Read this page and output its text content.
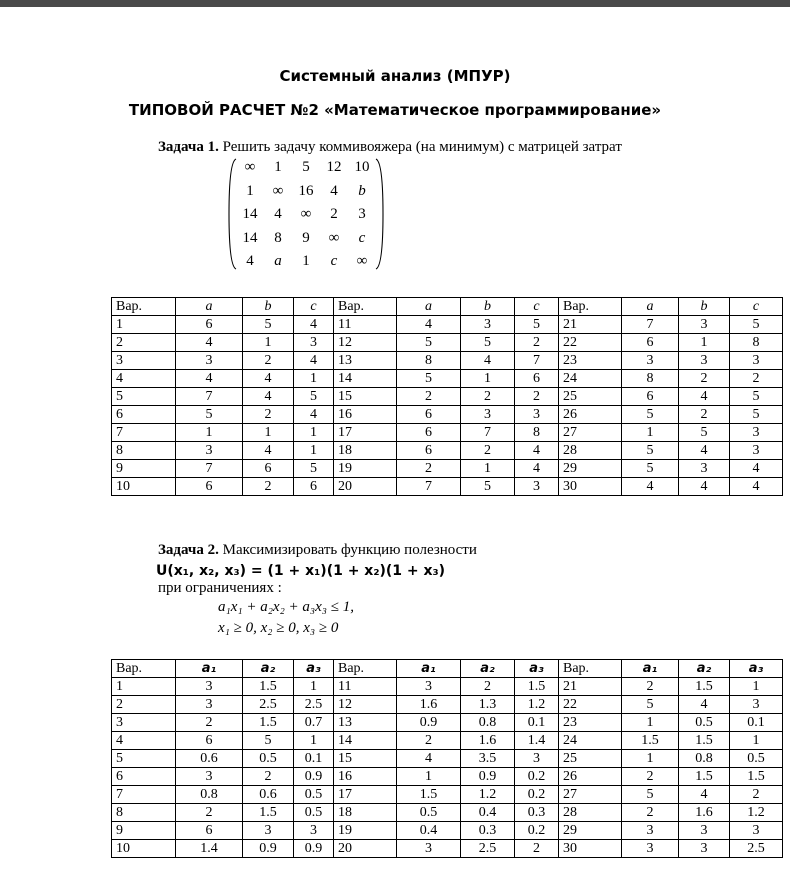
Системный анализ (МПУР)
ТИПОВОЙ РАСЧЕТ №2 «Математическое программирование»
Задача 1. Решить задачу коммивояжера (на минимум) с матрицей затрат
∞	1	5	12	10
1	∞	16	4	b
14	4	∞	2	3
14	8	9	∞	c
4	a	1	c	∞
Вар.	a	b	c	Вар.	a	b	c	Вар.	a	b	c
1	6	5	4	11	4	3	5	21	7	3	5
2	4	1	3	12	5	5	2	22	6	1	8
3	3	2	4	13	8	4	7	23	3	3	3
4	4	4	1	14	5	1	6	24	8	2	2
5	7	4	5	15	2	2	2	25	6	4	5
6	5	2	4	16	6	3	3	26	5	2	5
7	1	1	1	17	6	7	8	27	1	5	3
8	3	4	1	18	6	2	4	28	5	4	3
9	7	6	5	19	2	1	4	29	5	3	4
10	6	2	6	20	7	5	3	30	4	4	4
Задача 2. Максимизировать функцию полезности
U(x₁, x₂, x₃) = (1 + x₁)(1 + x₂)(1 + x₃)
при ограничениях :
a₁x₁ + a₂x₂ + a₃x₃ ≤ 1,
x₁ ≥ 0, x₂ ≥ 0, x₃ ≥ 0
Вар.	a₁	a₂	a₃	Вар.	a₁	a₂	a₃	Вар.	a₁	a₂	a₃
1	3	1.5	1	11	3	2	1.5	21	2	1.5	1
2	3	2.5	2.5	12	1.6	1.3	1.2	22	5	4	3
3	2	1.5	0.7	13	0.9	0.8	0.1	23	1	0.5	0.1
4	6	5	1	14	2	1.6	1.4	24	1.5	1.5	1
5	0.6	0.5	0.1	15	4	3.5	3	25	1	0.8	0.5
6	3	2	0.9	16	1	0.9	0.2	26	2	1.5	1.5
7	0.8	0.6	0.5	17	1.5	1.2	0.2	27	5	4	2
8	2	1.5	0.5	18	0.5	0.4	0.3	28	2	1.6	1.2
9	6	3	3	19	0.4	0.3	0.2	29	3	3	3
10	1.4	0.9	0.9	20	3	2.5	2	30	3	3	2.5
